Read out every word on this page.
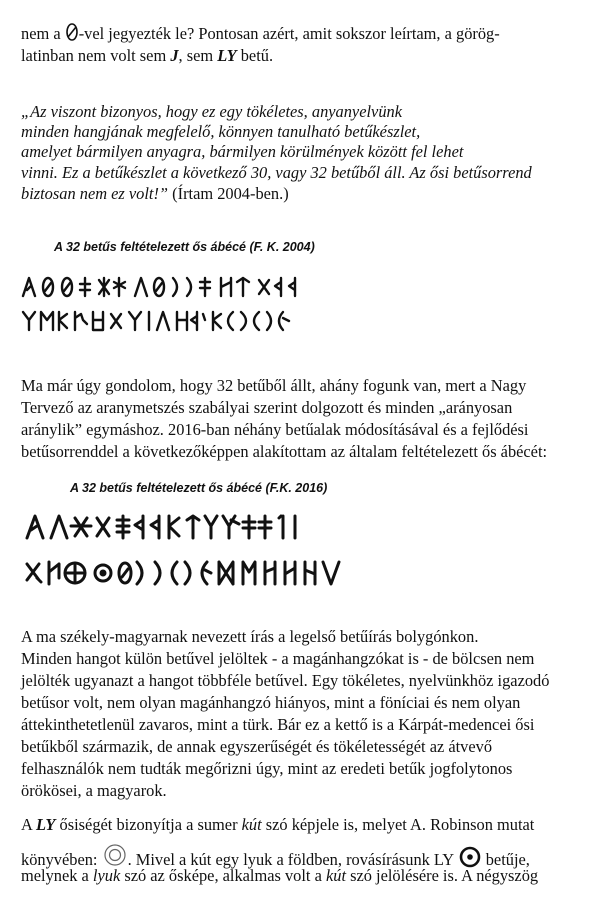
nem a -vel jegyezték le? Pontosan azért, amit sokszor leírtam, a görög-
latinban nem volt sem J, sem LY betű.
„Az viszont bizonyos, hogy ez egy tökéletes, anyanyelvünk
minden hangjának megfelelő, könnyen tanulható betűkészlet,
amelyet bármilyen anyagra, bármilyen körülmények között fel lehet
vinni. Ez a betűkészlet a következő 30, vagy 32 betűből áll. Az ősi betűsorrend
biztosan nem ez volt!” (Írtam 2004-ben.)
A 32 betűs feltételezett ős ábécé (F. K. 2004)
Ma már úgy gondolom, hogy 32 betűből állt, ahány fogunk van, mert a Nagy
Tervező az aranymetszés szabályai szerint dolgozott és minden „arányosan
aránylik” egymáshoz. 2016-ban néhány betűalak módosításával és a fejlődési
betűsorrenddel a következőképpen alakítottam az általam feltételezett ős ábécét:
A 32 betűs feltételezett ős ábécé (F.K. 2016)
A ma székely-magyarnak nevezett írás a legelső betűírás bolygónkon.
Minden hangot külön betűvel jelöltek - a magánhangzókat is - de bölcsen nem
jelölték ugyanazt a hangot többféle betűvel. Egy tökéletes, nyelvünkhöz igazodó
betűsor volt, nem olyan magánhangzó hiányos, mint a föníciai és nem olyan
áttekinthetetlenül zavaros, mint a türk. Bár ez a kettő is a Kárpát-medencei ősi
betűkből származik, de annak egyszerűségét és tökéletességét az átvevő
felhasználók nem tudták megőrizni úgy, mint az eredeti betűk jogfolytonos
örökösei, a magyarok.
A LY ősiségét bizonyítja a sumer kút szó képjele is, melyet A. Robinson mutat
könyvében: . Mivel a kút egy lyuk a földben, rovásírásunk LY  betűje,
melynek a lyuk szó az ősképe, alkalmas volt a kút szó jelölésére is. A négyszög
